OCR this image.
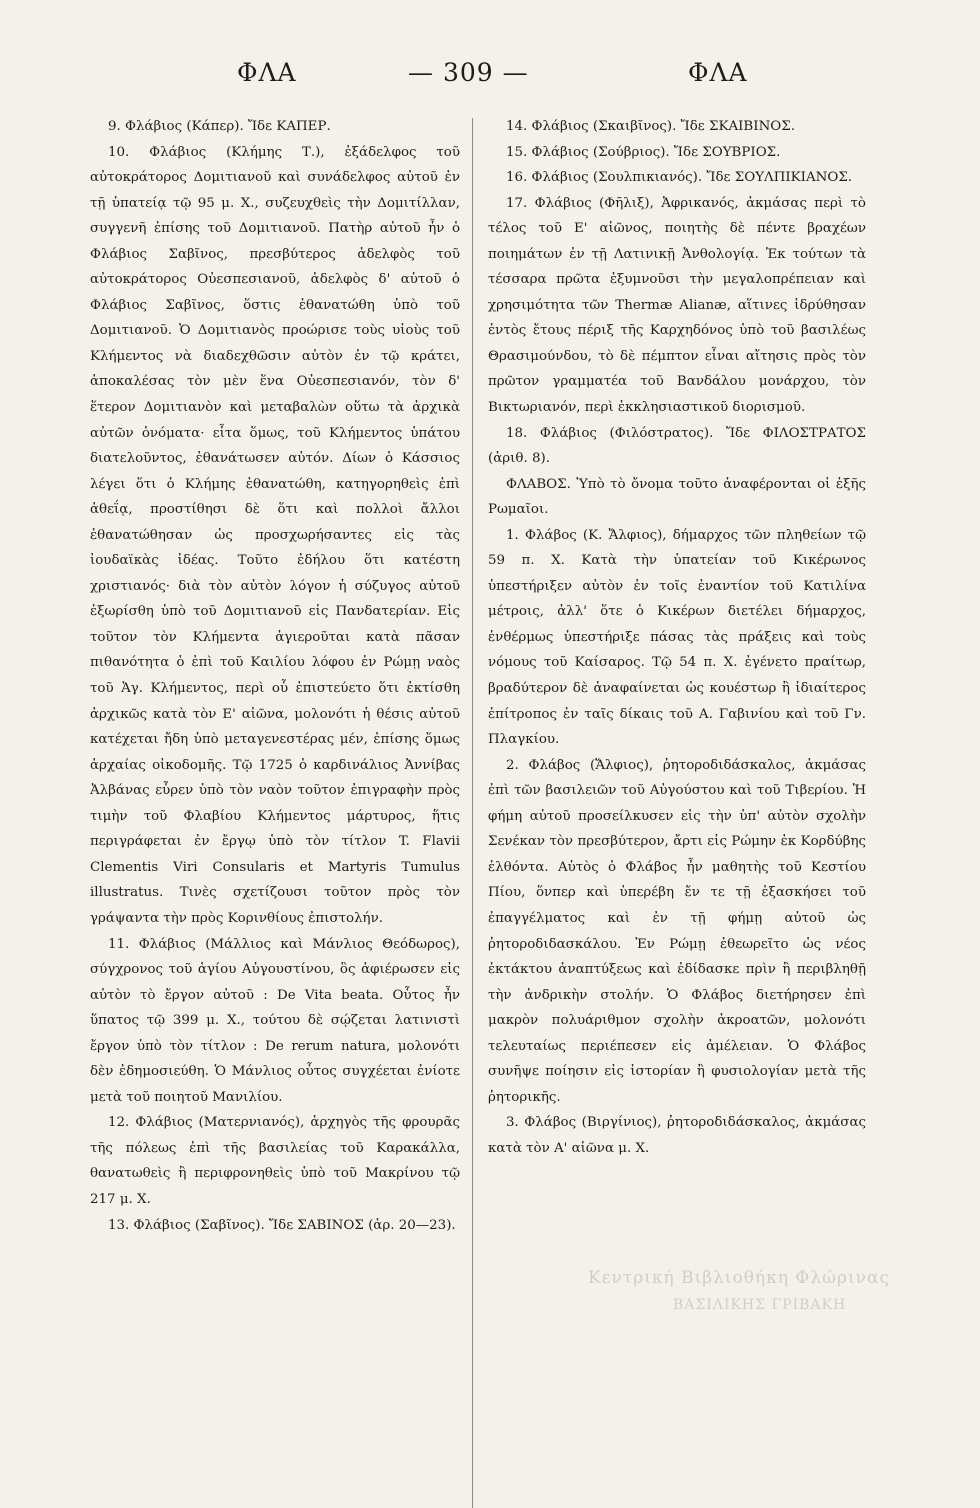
ΦΛΑ	— 309 —	ΦΛΑ

9. Φλάβιος (Κάπερ). Ἴδε ΚΑΠΕΡ.

10. Φλάβιος (Κλήμης Τ.), ἐξάδελφος τοῦ αὐτοκράτορος Δομιτιανοῦ καὶ συνάδελφος αὐτοῦ ἐν τῇ ὑπατείᾳ τῷ 95 μ. Χ., συζευχθεὶς τὴν Δομιτίλλαν, συγγενῆ ἐπίσης τοῦ Δομιτιανοῦ. Πατὴρ αὐτοῦ ἦν ὁ Φλάβιος Σαβῖνος, πρεσβύτερος ἀδελφὸς τοῦ αὐτοκράτορος Οὐεσπεσιανοῦ, ἀδελφὸς δ' αὐτοῦ ὁ Φλάβιος Σαβῖνος, ὅστις ἐθανατώθη ὑπὸ τοῦ Δομιτιανοῦ. Ὁ Δομιτιανὸς προώρισε τοὺς υἱοὺς τοῦ Κλήμεντος νὰ διαδεχθῶσιν αὐτὸν ἐν τῷ κράτει, ἀποκαλέσας τὸν μὲν ἕνα Οὐεσπεσιανόν, τὸν δ' ἕτερον Δομιτιανὸν καὶ μεταβαλὼν οὕτω τὰ ἀρχικὰ αὐτῶν ὀνόματα· εἶτα ὅμως, τοῦ Κλήμεντος ὑπάτου διατελοῦντος, ἐθανάτωσεν αὐτόν. Δίων ὁ Κάσσιος λέγει ὅτι ὁ Κλήμης ἐθανατώθη, κατηγορηθεὶς ἐπὶ ἀθεΐᾳ, προστίθησι δὲ ὅτι καὶ πολλοὶ ἄλλοι ἐθανατώθησαν ὡς προσχωρήσαντες εἰς τὰς ἰουδαϊκὰς ἰδέας. Τοῦτο ἐδήλου ὅτι κατέστη χριστιανός· διὰ τὸν αὐτὸν λόγον ἡ σύζυγος αὐτοῦ ἐξωρίσθη ὑπὸ τοῦ Δομιτιανοῦ εἰς Πανδατερίαν. Εἰς τοῦτον τὸν Κλήμεντα ἀγιεροῦται κατὰ πᾶσαν πιθανότητα ὁ ἐπὶ τοῦ Καιλίου λόφου ἐν Ρώμῃ ναὸς τοῦ Ἁγ. Κλήμεντος, περὶ οὗ ἐπιστεύετο ὅτι ἐκτίσθη ἀρχικῶς κατὰ τὸν Ε' αἰῶνα, μολονότι ἡ θέσις αὐτοῦ κατέχεται ἤδη ὑπὸ μεταγενεστέρας μέν, ἐπίσης ὅμως ἀρχαίας οἰκοδομῆς. Τῷ 1725 ὁ καρδινάλιος Ἀννίβας Ἀλβάνας εὗρεν ὑπὸ τὸν ναὸν τοῦτον ἐπιγραφὴν πρὸς τιμὴν τοῦ Φλαβίου Κλήμεντος μάρτυρος, ἥτις περιγράφεται ἐν ἔργῳ ὑπὸ τὸν τίτλον T. Flavii Clementis Viri Consularis et Martyris Tumulus illustratus. Τινὲς σχετίζουσι τοῦτον πρὸς τὸν γράψαντα τὴν πρὸς Κορινθίους ἐπιστολήν.

11. Φλάβιος (Μάλλιος καὶ Μάνλιος Θεόδωρος), σύγχρονος τοῦ ἁγίου Αὐγουστίνου, ὃς ἀφιέρωσεν εἰς αὐτὸν τὸ ἔργον αὐτοῦ : De Vita beata. Οὗτος ἦν ὕπατος τῷ 399 μ. Χ., τούτου δὲ σῴζεται λατινιστὶ ἔργον ὑπὸ τὸν τίτλον : De rerum natura, μολονότι δὲν ἐδημοσιεύθη. Ὁ Μάνλιος οὗτος συγχέεται ἐνίοτε μετὰ τοῦ ποιητοῦ Μανιλίου.

12. Φλάβιος (Ματερνιανός), ἀρχηγὸς τῆς φρουρᾶς τῆς πόλεως ἐπὶ τῆς βασιλείας τοῦ Καρακάλλα, θανατωθεὶς ἢ περιφρονηθεὶς ὑπὸ τοῦ Μακρίνου τῷ 217 μ. Χ.

13. Φλάβιος (Σαβῖνος). Ἴδε ΣΑΒΙΝΟΣ (ἀρ. 20—23).

14. Φλάβιος (Σκαιβῖνος). Ἴδε ΣΚΑΙΒΙΝΟΣ.

15. Φλάβιος (Σούβριος). Ἴδε ΣΟΥΒΡΙΟΣ.

16. Φλάβιος (Σουλπικιανός). Ἴδε ΣΟΥΛΠΙΚΙΑΝΟΣ.

17. Φλάβιος (Φῆλιξ), Ἀφρικανός, ἀκμάσας περὶ τὸ τέλος τοῦ Ε' αἰῶνος, ποιητὴς δὲ πέντε βραχέων ποιημάτων ἐν τῇ Λατινικῇ Ἀνθολογίᾳ. Ἐκ τούτων τὰ τέσσαρα πρῶτα ἐξυμνοῦσι τὴν μεγαλοπρέπειαν καὶ χρησιμότητα τῶν Thermæ Alianæ, αἵτινες ἱδρύθησαν ἐντὸς ἔτους πέριξ τῆς Καρχηδόνος ὑπὸ τοῦ βασιλέως Θρασιμούνδου, τὸ δὲ πέμπτον εἶναι αἴτησις πρὸς τὸν πρῶτον γραμματέα τοῦ Βανδάλου μονάρχου, τὸν Βικτωριανόν, περὶ ἐκκλησιαστικοῦ διορισμοῦ.

18. Φλάβιος (Φιλόστρατος). Ἴδε ΦΙΛΟΣΤΡΑΤΟΣ (ἀριθ. 8).

ΦΛΑΒΟΣ. Ὑπὸ τὸ ὄνομα τοῦτο ἀναφέρονται οἱ ἑξῆς Ρωμαῖοι.

1. Φλάβος (Κ. Ἄλφιος), δήμαρχος τῶν πληθείων τῷ 59 π. Χ. Κατὰ τὴν ὑπατείαν τοῦ Κικέρωνος ὑπεστήριξεν αὐτὸν ἐν τοῖς ἐναντίον τοῦ Κατιλίνα μέτροις, ἀλλ' ὅτε ὁ Κικέρων διετέλει δήμαρχος, ἐνθέρμως ὑπεστήριξε πάσας τὰς πράξεις καὶ τοὺς νόμους τοῦ Καίσαρος. Τῷ 54 π. Χ. ἐγένετο πραίτωρ, βραδύτερον δὲ ἀναφαίνεται ὡς κουέστωρ ἢ ἰδιαίτερος ἐπίτροπος ἐν ταῖς δίκαις τοῦ Α. Γαβινίου καὶ τοῦ Γν. Πλαγκίου.

2. Φλάβος (Ἄλφιος), ῥητοροδιδάσκαλος, ἀκμάσας ἐπὶ τῶν βασιλειῶν τοῦ Αὐγούστου καὶ τοῦ Τιβερίου. Ἡ φήμη αὐτοῦ προσείλκυσεν εἰς τὴν ὑπ' αὐτὸν σχολὴν Σενέκαν τὸν πρεσβύτερον, ἄρτι εἰς Ρώμην ἐκ Κορδύβης ἐλθόντα. Αὐτὸς ὁ Φλάβος ἦν μαθητὴς τοῦ Κεστίου Πίου, ὅνπερ καὶ ὑπερέβη ἔν τε τῇ ἐξασκήσει τοῦ ἐπαγγέλματος καὶ ἐν τῇ φήμῃ αὐτοῦ ὡς ῥητοροδιδασκάλου. Ἐν Ρώμῃ ἐθεωρεῖτο ὡς νέος ἐκτάκτου ἀναπτύξεως καὶ ἐδίδασκε πρὶν ἢ περιβληθῇ τὴν ἀνδρικὴν στολήν. Ὁ Φλάβος διετήρησεν ἐπὶ μακρὸν πολυάριθμον σχολὴν ἀκροατῶν, μολονότι τελευταίως περιέπεσεν εἰς ἀμέλειαν. Ὁ Φλάβος συνῆψε ποίησιν εἰς ἱστορίαν ἢ φυσιολογίαν μετὰ τῆς ῥητορικῆς.

3. Φλάβος (Βιργίνιος), ῥητοροδιδάσκαλος, ἀκμάσας κατὰ τὸν Α' αἰῶνα μ. Χ.

Κεντρική Βιβλιοθήκη Φλώρινας
ΒΑΣΙΛΙΚΗΣ ΓΡΙΒΑΚΗ
